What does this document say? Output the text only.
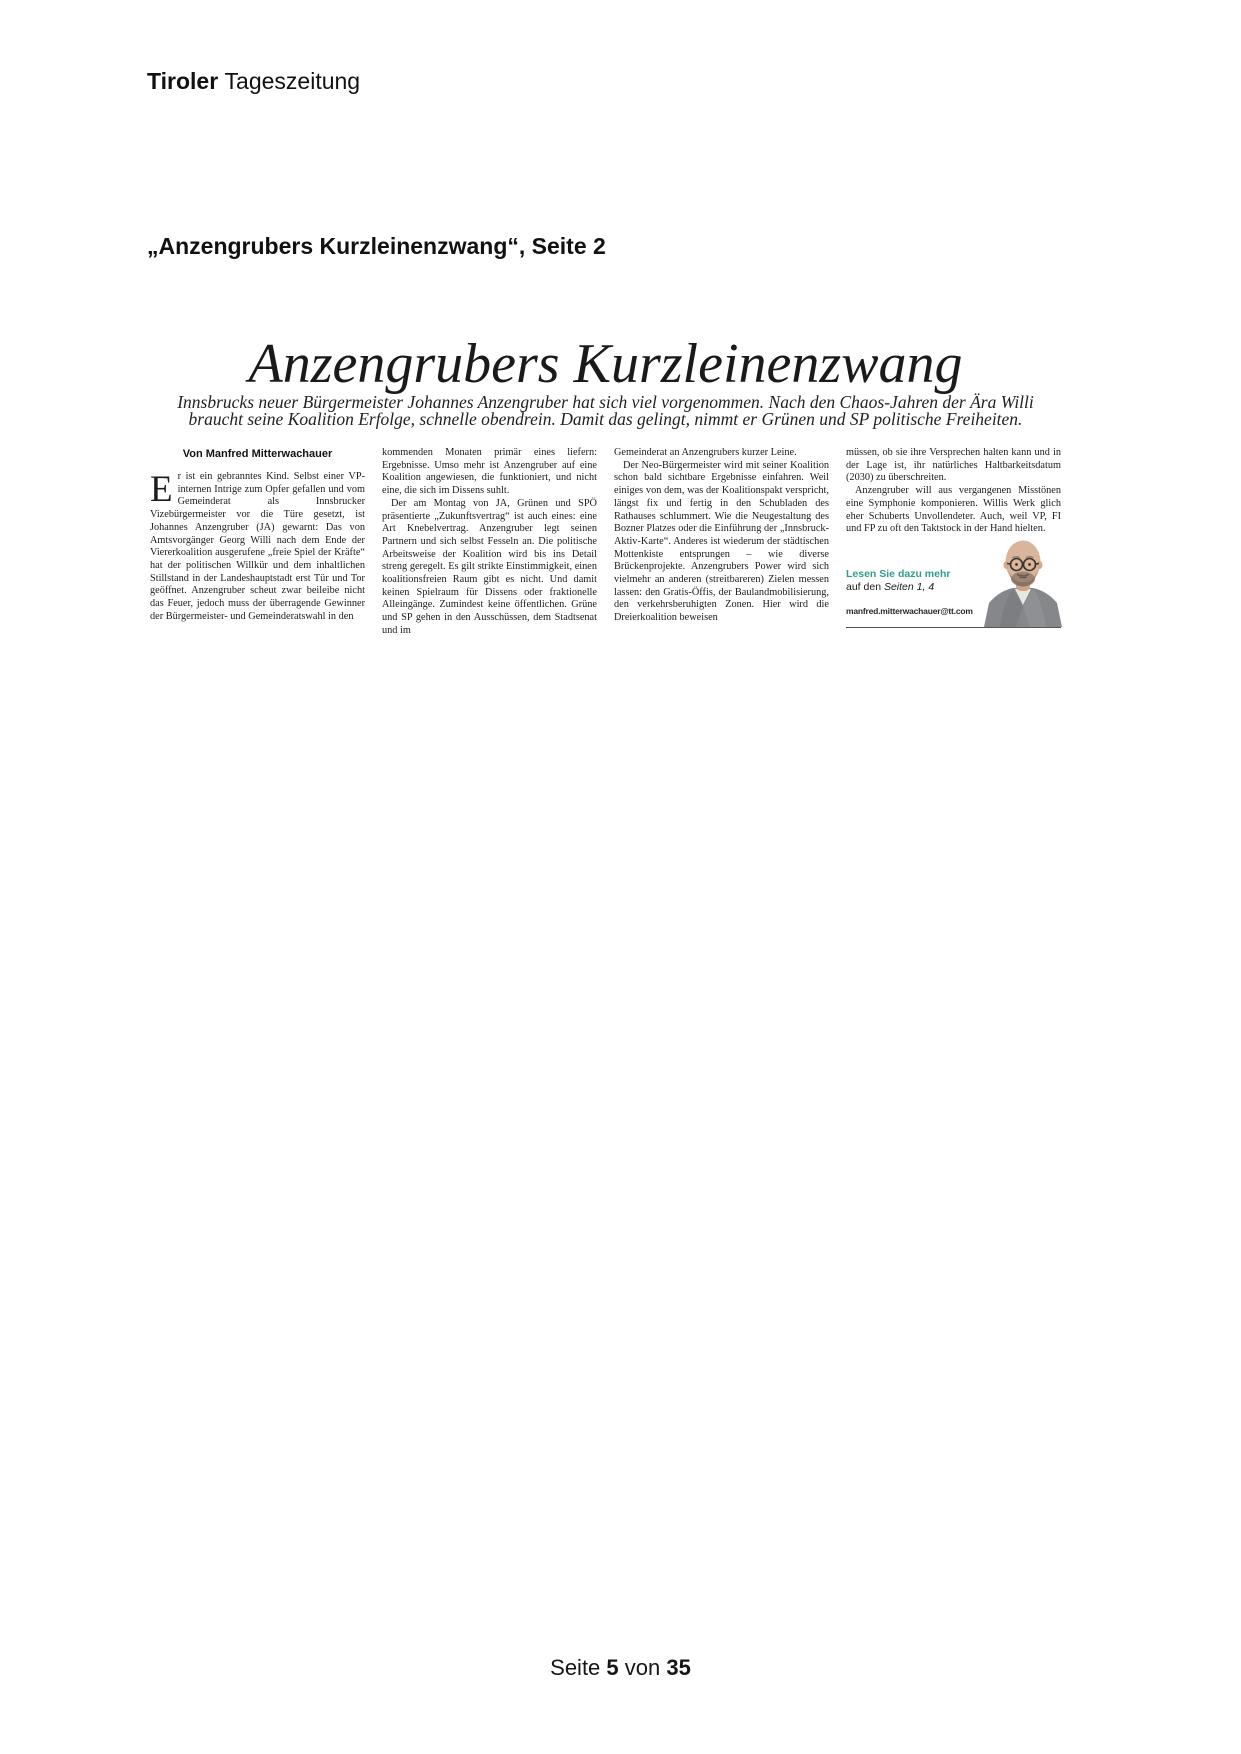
Tiroler Tageszeitung
„Anzengrubers Kurzleinenzwang“, Seite 2
Anzengrubers Kurzleinenzwang

Innsbrucks neuer Bürgermeister Johannes Anzengruber hat sich viel vorgenommen. Nach den Chaos-Jahren der Ära Willi
braucht seine Koalition Erfolge, schnelle obendrein. Damit das gelingt, nimmt er Grünen und SP politische Freiheiten.

Von Manfred Mitterwachauer

Er ist ein gebranntes Kind. Selbst einer VP-internen Intrige zum Opfer gefallen und vom Gemeinderat als Innsbrucker Vizebürgermeister vor die Türe gesetzt, ist Johannes Anzengruber (JA) gewarnt: Das von Amtsvorgänger Georg Willi nach dem Ende der Viererkoalition ausgerufene „freie Spiel der Kräfte“ hat der politischen Willkür und dem inhaltlichen Stillstand in der Landeshauptstadt erst Tür und Tor geöffnet. Anzengruber scheut zwar beileibe nicht das Feuer, jedoch muss der überragende Gewinner der Bürgermeister- und Gemeinderatswahl in den

kommenden Monaten primär eines liefern: Ergebnisse. Umso mehr ist Anzengruber auf eine Koalition angewiesen, die funktioniert, und nicht eine, die sich im Dissens suhlt.

Der am Montag von JA, Grünen und SPÖ präsentierte „Zukunftsvertrag“ ist auch eines: eine Art Knebelvertrag. Anzengruber legt seinen Partnern und sich selbst Fesseln an. Die politische Arbeitsweise der Koalition wird bis ins Detail streng geregelt. Es gilt strikte Einstimmigkeit, einen koalitionsfreien Raum gibt es nicht. Und damit keinen Spielraum für Dissens oder fraktionelle Alleingänge. Zumindest keine öffentlichen. Grüne und SP gehen in den Ausschüssen, dem Stadtsenat und im

Gemeinderat an Anzengrubers kurzer Leine.

Der Neo-Bürgermeister wird mit seiner Koalition schon bald sichtbare Ergebnisse einfahren. Weil einiges von dem, was der Koalitionspakt verspricht, längst fix und fertig in den Schubladen des Rathauses schlummert. Wie die Neugestaltung des Bozner Platzes oder die Einführung der „Innsbruck-Aktiv-Karte“. Anderes ist wiederum der städtischen Mottenkiste entsprungen – wie diverse Brückenprojekte. Anzengrubers Power wird sich vielmehr an anderen (streitbareren) Zielen messen lassen: den Gratis-Öffis, der Baulandmobilisierung, den verkehrsberuhigten Zonen. Hier wird die Dreierkoalition beweisen

müssen, ob sie ihre Versprechen halten kann und in der Lage ist, ihr natürliches Haltbarkeitsdatum (2030) zu überschreiten.

Anzengruber will aus vergangenen Misstönen eine Symphonie komponieren. Willis Werk glich eher Schuberts Unvollendeter. Auch, weil VP, FI und FP zu oft den Taktstock in der Hand hielten.

Lesen Sie dazu mehr
auf den Seiten 1, 4
manfred.mitterwachauer@tt.com
Seite 5 von 35
